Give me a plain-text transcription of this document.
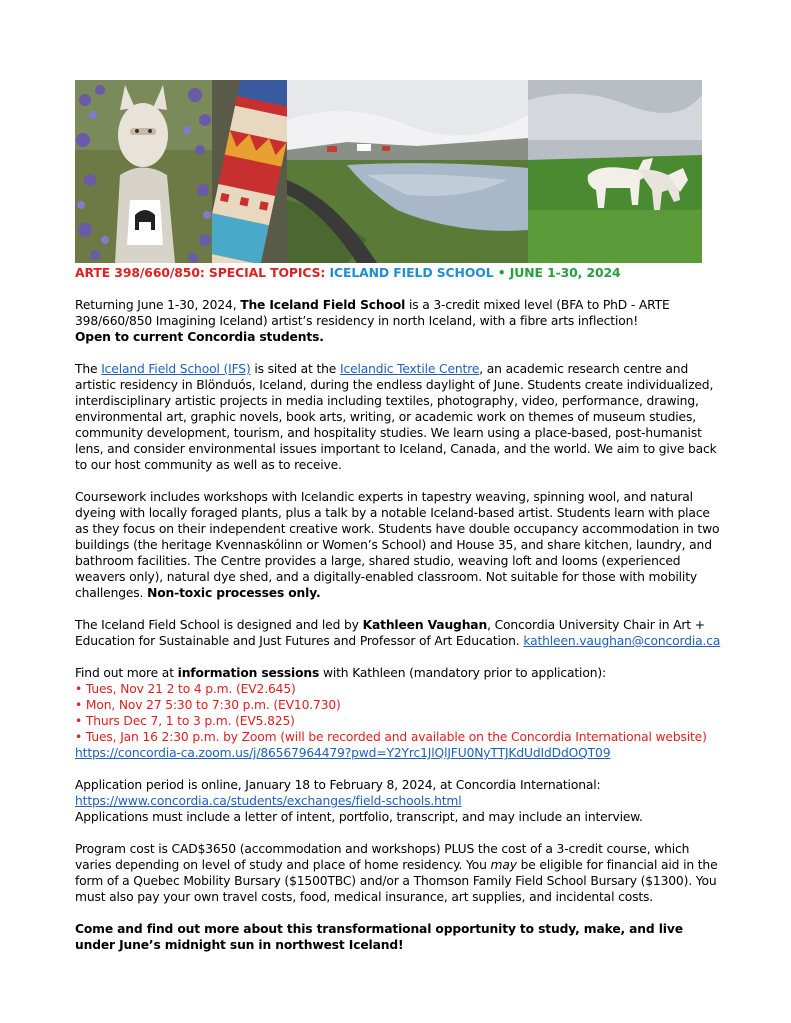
ARTE 398/660/850: SPECIAL TOPICS: ICELAND FIELD SCHOOL • JUNE 1-30, 2024

Returning June 1-30, 2024, The Iceland Field School is a 3-credit mixed level (BFA to PhD - ARTE 398/660/850 Imagining Iceland) artist’s residency in north Iceland, with a fibre arts inflection!
Open to current Concordia students.

The Iceland Field School (IFS) is sited at the Icelandic Textile Centre, an academic research centre and artistic residency in Blönduós, Iceland, during the endless daylight of June. Students create individualized, interdisciplinary artistic projects in media including textiles, photography, video, performance, drawing, environmental art, graphic novels, book arts, writing, or academic work on themes of museum studies, community development, tourism, and hospitality studies. We learn using a place-based, post-humanist lens, and consider environmental issues important to Iceland, Canada, and the world. We aim to give back to our host community as well as to receive.

Coursework includes workshops with Icelandic experts in tapestry weaving, spinning wool, and natural dyeing with locally foraged plants, plus a talk by a notable Iceland-based artist. Students learn with place as they focus on their independent creative work. Students have double occupancy accommodation in two buildings (the heritage Kvennaskólinn or Women’s School) and House 35, and share kitchen, laundry, and bathroom facilities. The Centre provides a large, shared studio, weaving loft and looms (experienced weavers only), natural dye shed, and a digitally-enabled classroom. Not suitable for those with mobility challenges. Non-toxic processes only.

The Iceland Field School is designed and led by Kathleen Vaughan, Concordia University Chair in Art + Education for Sustainable and Just Futures and Professor of Art Education. kathleen.vaughan@concordia.ca

Find out more at information sessions with Kathleen (mandatory prior to application):
• Tues, Nov 21 2 to 4 p.m. (EV2.645)
• Mon, Nov 27 5:30 to 7:30 p.m. (EV10.730)
• Thurs Dec 7, 1 to 3 p.m. (EV5.825)
• Tues, Jan 16 2:30 p.m. by Zoom (will be recorded and available on the Concordia International website)
https://concordia-ca.zoom.us/j/86567964479?pwd=Y2Yrc1JlQlJFU0NyTTJKdUdIdDdOQT09

Application period is online, January 18 to February 8, 2024, at Concordia International:
https://www.concordia.ca/students/exchanges/field-schools.html
Applications must include a letter of intent, portfolio, transcript, and may include an interview.

Program cost is CAD$3650 (accommodation and workshops) PLUS the cost of a 3-credit course, which varies depending on level of study and place of home residency. You may be eligible for financial aid in the form of a Quebec Mobility Bursary ($1500TBC) and/or a Thomson Family Field School Bursary ($1300). You must also pay your own travel costs, food, medical insurance, art supplies, and incidental costs.

Come and find out more about this transformational opportunity to study, make, and live under June’s midnight sun in northwest Iceland!
